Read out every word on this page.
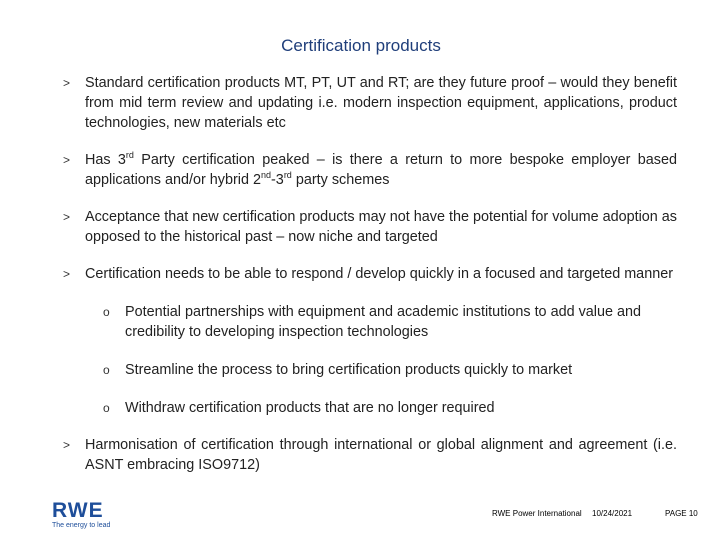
Certification products
> Standard certification products MT, PT, UT and RT; are they future proof – would they benefit from mid term review and updating i.e. modern inspection equipment, applications, product technologies, new materials etc
> Has 3rd Party certification peaked – is there a return to more bespoke employer based applications and/or hybrid 2nd-3rd party schemes
> Acceptance that new certification products may not have the potential for volume adoption as opposed to the historical past – now niche and targeted
> Certification needs to be able to respond / develop quickly in a focused and targeted manner
o Potential partnerships with equipment and academic institutions to add value and credibility to developing inspection technologies
o Streamline the process to bring certification products quickly to market
o Withdraw certification products that are no longer required
> Harmonisation of certification through international or global alignment and agreement (i.e. ASNT embracing ISO9712)
RWE
The energy to lead
RWE Power International 10/24/2021	PAGE 10
